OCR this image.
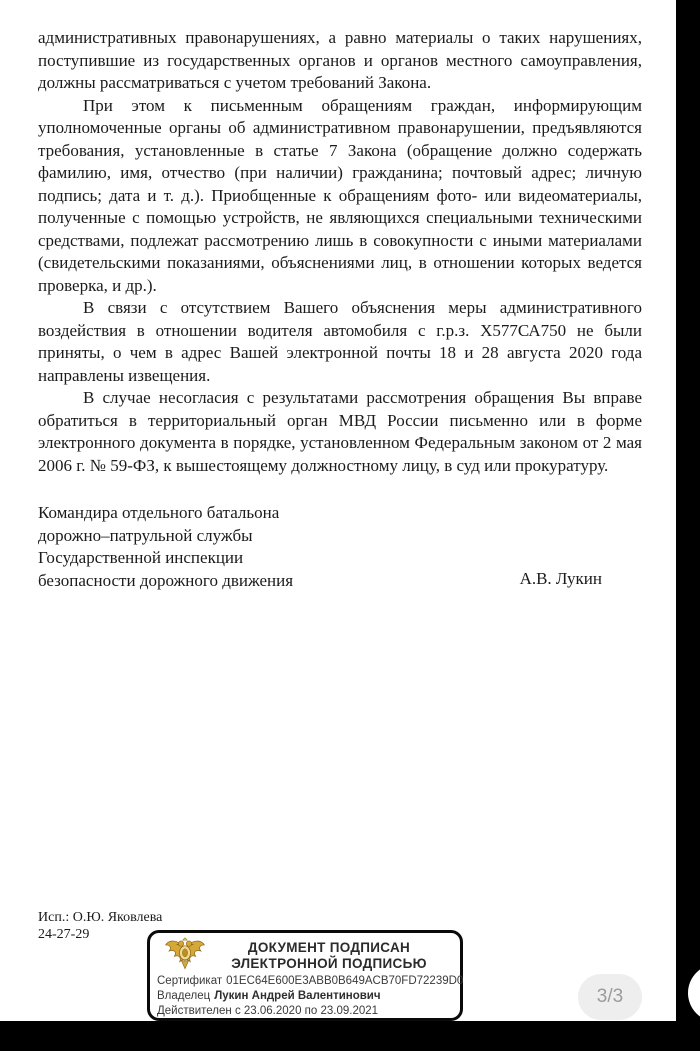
административных правонарушениях, а равно материалы о таких нарушениях, поступившие из государственных органов и органов местного самоуправления, должны рассматриваться с учетом требований Закона.

При этом к письменным обращениям граждан, информирующим уполномоченные органы об административном правонарушении, предъявляются требования, установленные в статье 7 Закона (обращение должно содержать фамилию, имя, отчество (при наличии) гражданина; почтовый адрес; личную подпись; дата и т. д.). Приобщенные к обращениям фото- или видеоматериалы, полученные с помощью устройств, не являющихся специальными техническими средствами, подлежат рассмотрению лишь в совокупности с иными материалами (свидетельскими показаниями, объяснениями лиц, в отношении которых ведется проверка, и др.).

В связи с отсутствием Вашего объяснения меры административного воздействия в отношении водителя автомобиля с г.р.з. Х577СА750 не были приняты, о чем в адрес Вашей электронной почты 18 и 28 августа 2020 года направлены извещения.

В случае несогласия с результатами рассмотрения обращения Вы вправе обратиться в территориальный орган МВД России письменно или в форме электронного документа в порядке, установленном Федеральным законом от 2 мая 2006 г. № 59-ФЗ, к вышестоящему должностному лицу, в суд или прокуратуру.

Командира отдельного батальона
дорожно–патрульной службы
Государственной инспекции
безопасности дорожного движения	А.В. Лукин
Исп.: О.Ю. Яковлева
24-27-29
ДОКУМЕНТ ПОДПИСАН
ЭЛЕКТРОННОЙ ПОДПИСЬЮ
Сертификат 01EC64E600E3ABB0B649ACB70FD72239D0
Владелец Лукин Андрей Валентинович
Действителен с 23.06.2020 по 23.09.2021
3/3
